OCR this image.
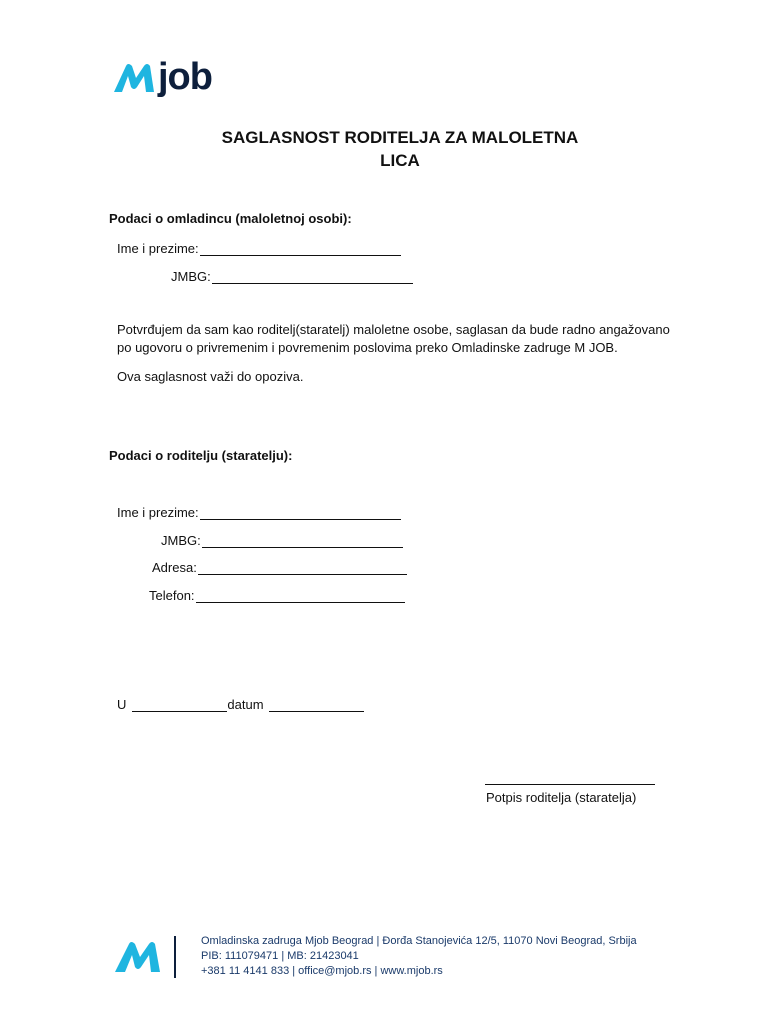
job
SAGLASNOST RODITELJA ZA MALOLETNA
LICA
Podaci o omladincu (maloletnoj osobi):
Ime i prezime:
JMBG:
Potvrđujem da sam kao roditelj(staratelj) maloletne osobe, saglasan da bude radno angažovano
po ugovoru o privremenim i povremenim poslovima preko Omladinske zadruge M JOB.
Ova saglasnost važi do opoziva.
Podaci o roditelju (staratelju):
Ime i prezime:
JMBG:
Adresa:
Telefon:
U	datum
Potpis roditelja (staratelja)
Omladinska zadruga Mjob Beograd | Đorđa Stanojevića 12/5, 11070 Novi Beograd, Srbija
PIB: 111079471 | MB: 21423041
+381 11 4141 833 | office@mjob.rs | www.mjob.rs
